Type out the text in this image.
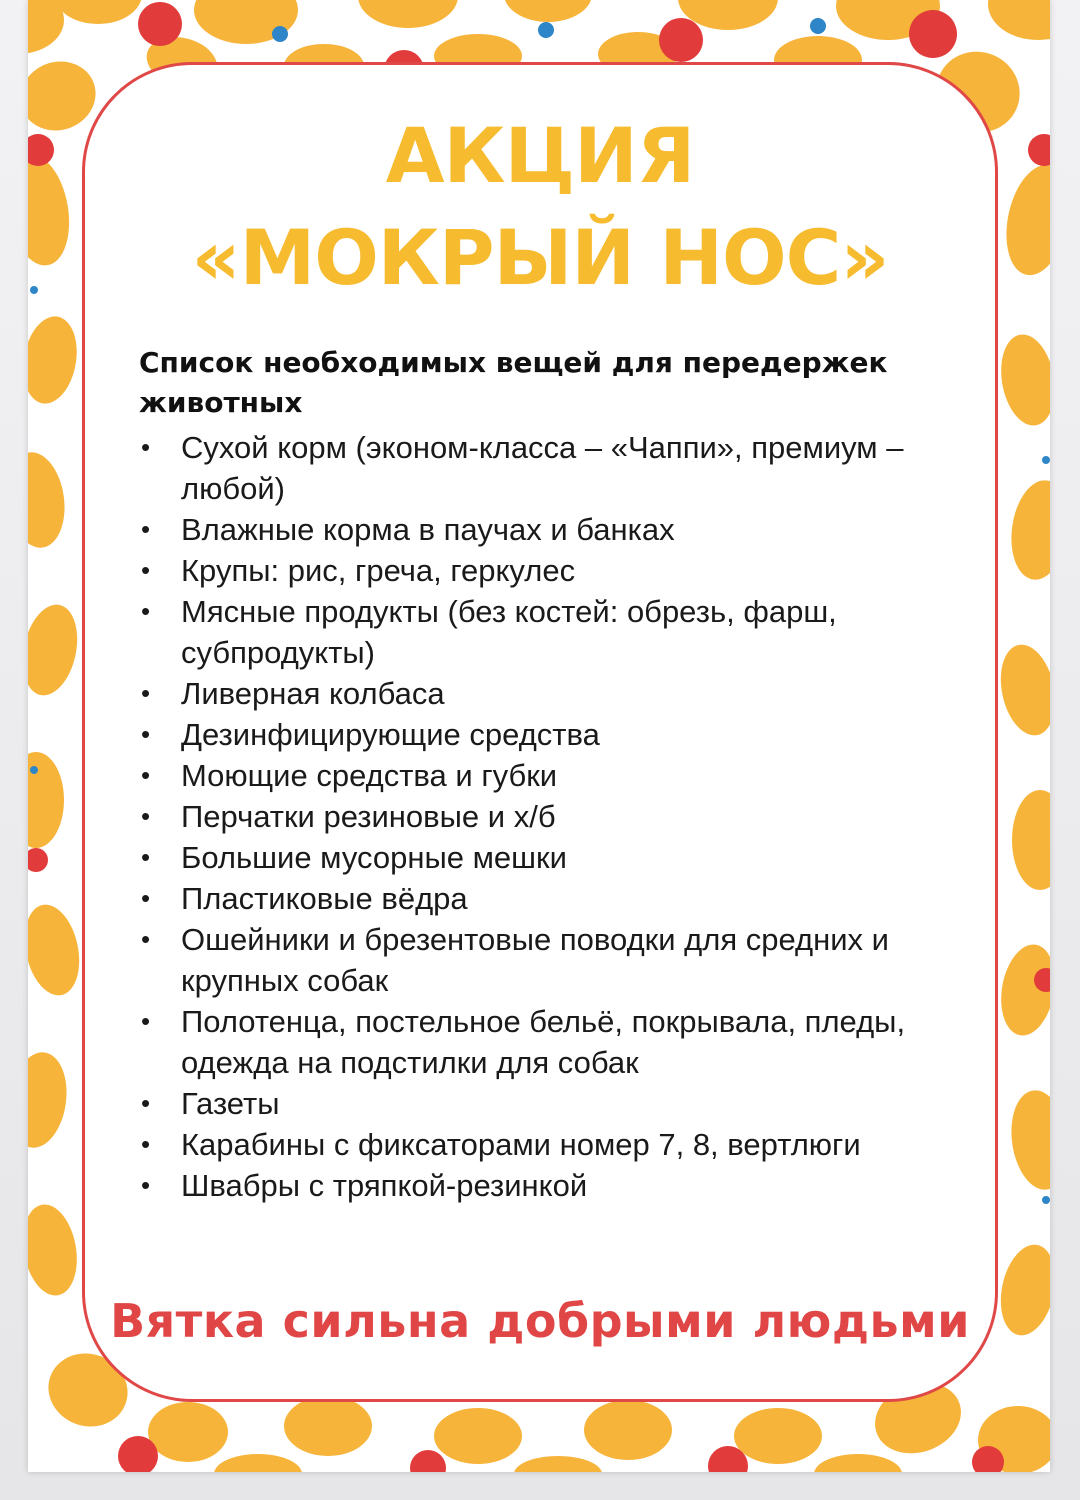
АКЦИЯ
«МОКРЫЙ НОС»
Список необходимых вещей для передержек животных
• Сухой корм (эконом-класса – «Чаппи», премиум – любой)
• Влажные корма в паучах и банках
• Крупы: рис, греча, геркулес
• Мясные продукты (без костей: обрезь, фарш, субпродукты)
• Ливерная колбаса
• Дезинфицирующие средства
• Моющие средства и губки
• Перчатки резиновые и х/б
• Большие мусорные мешки
• Пластиковые вёдра
• Ошейники и брезентовые поводки для средних и крупных собак
• Полотенца, постельное бельё, покрывала, пледы, одежда на подстилки для собак
• Газеты
• Карабины с фиксаторами номер 7, 8, вертлюги
• Швабры с тряпкой-резинкой
Вятка сильна добрыми людьми
